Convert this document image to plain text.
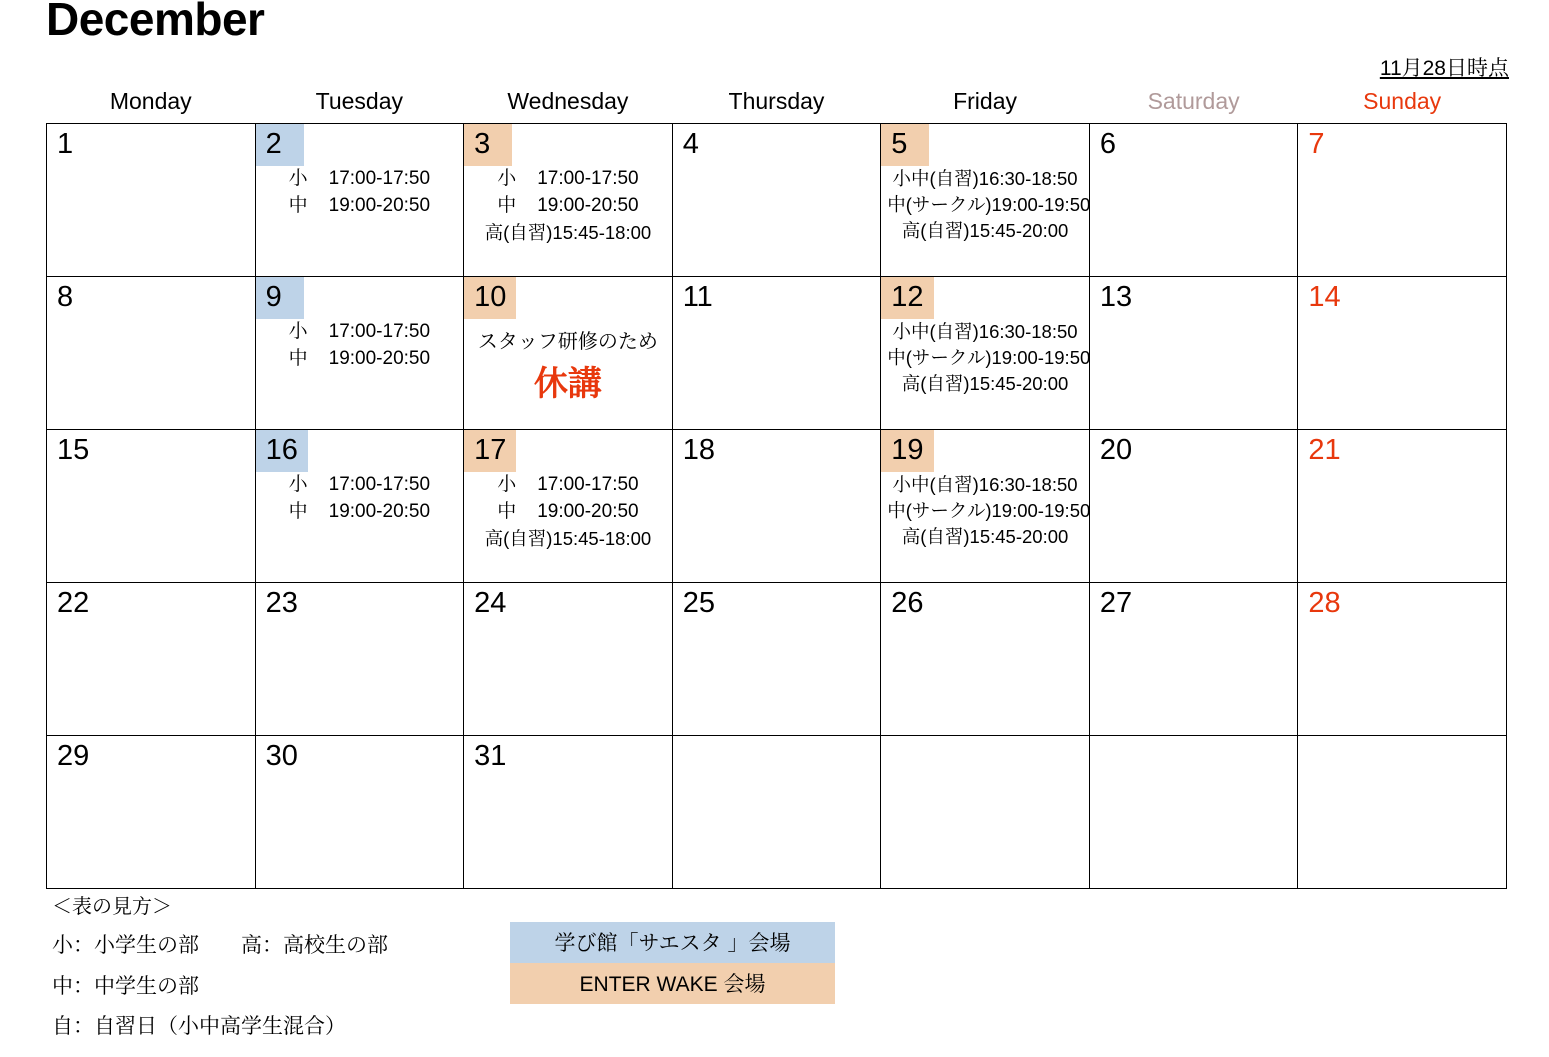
December
11月28日時点
Monday	Tuesday	Wednesday	Thursday	Friday	Saturday	Sunday
1	2
小 17:00-17:50
中 19:00-20:50
	3
小 17:00-17:50
中 19:00-20:50
高(自習)15:45-18:00
	4	5
小中(自習)16:30-18:50
中(サークル)19:00-19:50
高(自習)15:45-20:00
	6	7
8	9
小 17:00-17:50
中 19:00-20:50
	10
スタッフ研修のため
休講
	11	12
小中(自習)16:30-18:50
中(サークル)19:00-19:50
高(自習)15:45-20:00
	13	14
15	16
小 17:00-17:50
中 19:00-20:50
	17
小 17:00-17:50
中 19:00-20:50
高(自習)15:45-18:00
	18	19
小中(自習)16:30-18:50
中(サークル)19:00-19:50
高(自習)15:45-20:00
	20	21
22	23	24	25	26	27	28
29	30	31				
＜表の見方＞
小：小学生の部　　高：高校生の部
中：中学生の部
自：自習日（小中高学生混合）
学び館「サエスタ 」会場
ENTER WAKE 会場
